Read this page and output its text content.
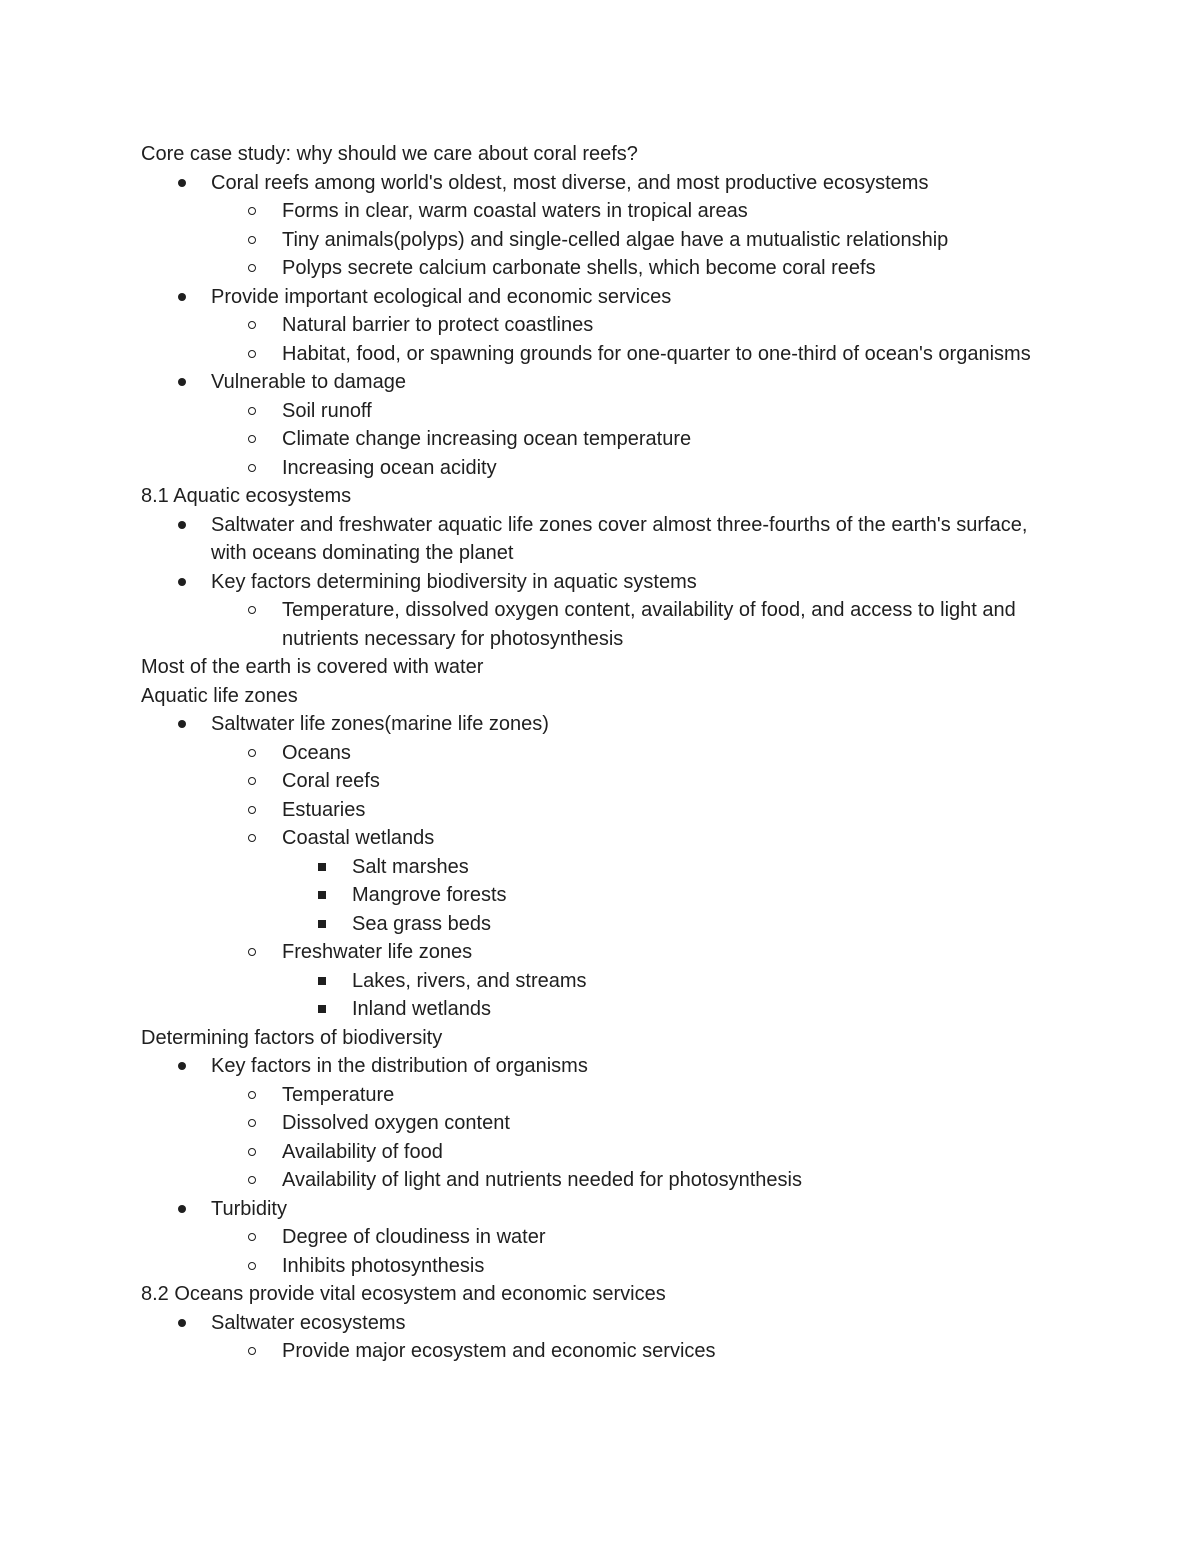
Core case study: why should we care about coral reefs?
Coral reefs among world's oldest, most diverse, and most productive ecosystems
Forms in clear, warm coastal waters in tropical areas
Tiny animals(polyps) and single-celled algae have a mutualistic relationship
Polyps secrete calcium carbonate shells, which become coral reefs
Provide important ecological and economic services
Natural barrier to protect coastlines
Habitat, food, or spawning grounds for one-quarter to one-third of ocean's organisms
Vulnerable to damage
Soil runoff
Climate change increasing ocean temperature
Increasing ocean acidity
8.1 Aquatic ecosystems
Saltwater and freshwater aquatic life zones cover almost three-fourths of the earth's surface, with oceans dominating the planet
Key factors determining biodiversity in aquatic systems
Temperature, dissolved oxygen content, availability of food, and access to light and nutrients necessary for photosynthesis
Most of the earth is covered with water
Aquatic life zones
Saltwater life zones(marine life zones)
Oceans
Coral reefs
Estuaries
Coastal wetlands
Salt marshes
Mangrove forests
Sea grass beds
Freshwater life zones
Lakes, rivers, and streams
Inland wetlands
Determining factors of biodiversity
Key factors in the distribution of organisms
Temperature
Dissolved oxygen content
Availability of food
Availability of light and nutrients needed for photosynthesis
Turbidity
Degree of cloudiness in water
Inhibits photosynthesis
8.2 Oceans provide vital ecosystem and economic services
Saltwater ecosystems
Provide major ecosystem and economic services
